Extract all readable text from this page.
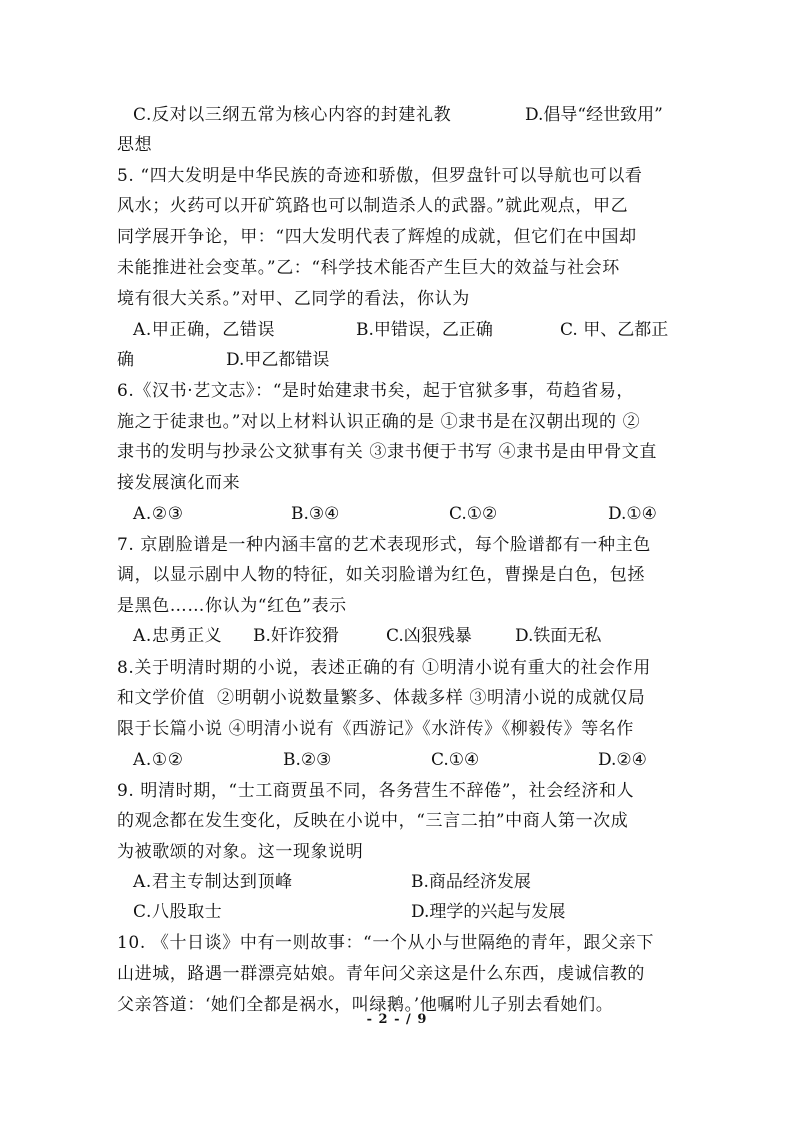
C.反对以三纲五常为核心内容的封建礼教	D.倡导“经世致用”
思想
5. “四大发明是中华民族的奇迹和骄傲，但罗盘针可以导航也可以看
风水；火药可以开矿筑路也可以制造杀人的武器。”就此观点，甲乙
同学展开争论，甲：“四大发明代表了辉煌的成就，但它们在中国却
未能推进社会变革。”乙：“科学技术能否产生巨大的效益与社会环
境有很大关系。”对甲、乙同学的看法，你认为
A.甲正确，乙错误	B.甲错误，乙正确	C. 甲、乙都正
确	D.甲乙都错误
6.《汉书·艺文志》：“是时始建隶书矣，起于官狱多事，苟趋省易，
施之于徒隶也。”对以上材料认识正确的是 ①隶书是在汉朝出现的 ②
隶书的发明与抄录公文狱事有关 ③隶书便于书写 ④隶书是由甲骨文直
接发展演化而来
A.②③	B.③④	C.①②	D.①④
7. 京剧脸谱是一种内涵丰富的艺术表现形式，每个脸谱都有一种主色
调，以显示剧中人物的特征，如关羽脸谱为红色，曹操是白色，包拯
是黑色……你认为“红色”表示
A.忠勇正义 B.奸诈狡猾	C.凶狠残暴	D.铁面无私
8.关于明清时期的小说，表述正确的有 ①明清小说有重大的社会作用
和文学价值  ②明朝小说数量繁多、体裁多样 ③明清小说的成就仅局
限于长篇小说 ④明清小说有《西游记》《水浒传》《柳毅传》等名作
A.①②	B.②③	C.①④	D.②④
9. 明清时期，“士工商贾虽不同，各务营生不辞倦”，社会经济和人
的观念都在发生变化，反映在小说中，“三言二拍”中商人第一次成
为被歌颂的对象。这一现象说明
A.君主专制达到顶峰	B.商品经济发展
C.八股取士	D.理学的兴起与发展
10. 《十日谈》中有一则故事：“一个从小与世隔绝的青年，跟父亲下
山进城，路遇一群漂亮姑娘。青年问父亲这是什么东西，虔诚信教的
父亲答道：‘她们全都是祸水，叫绿鹅。’他嘱咐儿子别去看她们。
- 2 - / 9
